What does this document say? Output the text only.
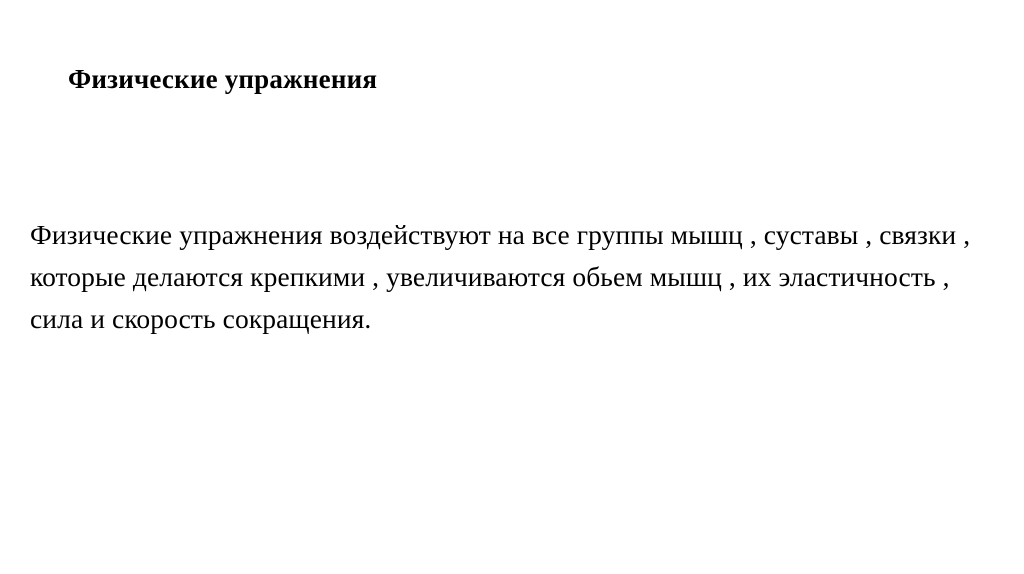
Физические упражнения

Физические упражнения воздействуют на все группы мышц , суставы , связки , которые делаются крепкими , увеличиваются обьем мышц , их эластичность , сила и скорость сокращения.
